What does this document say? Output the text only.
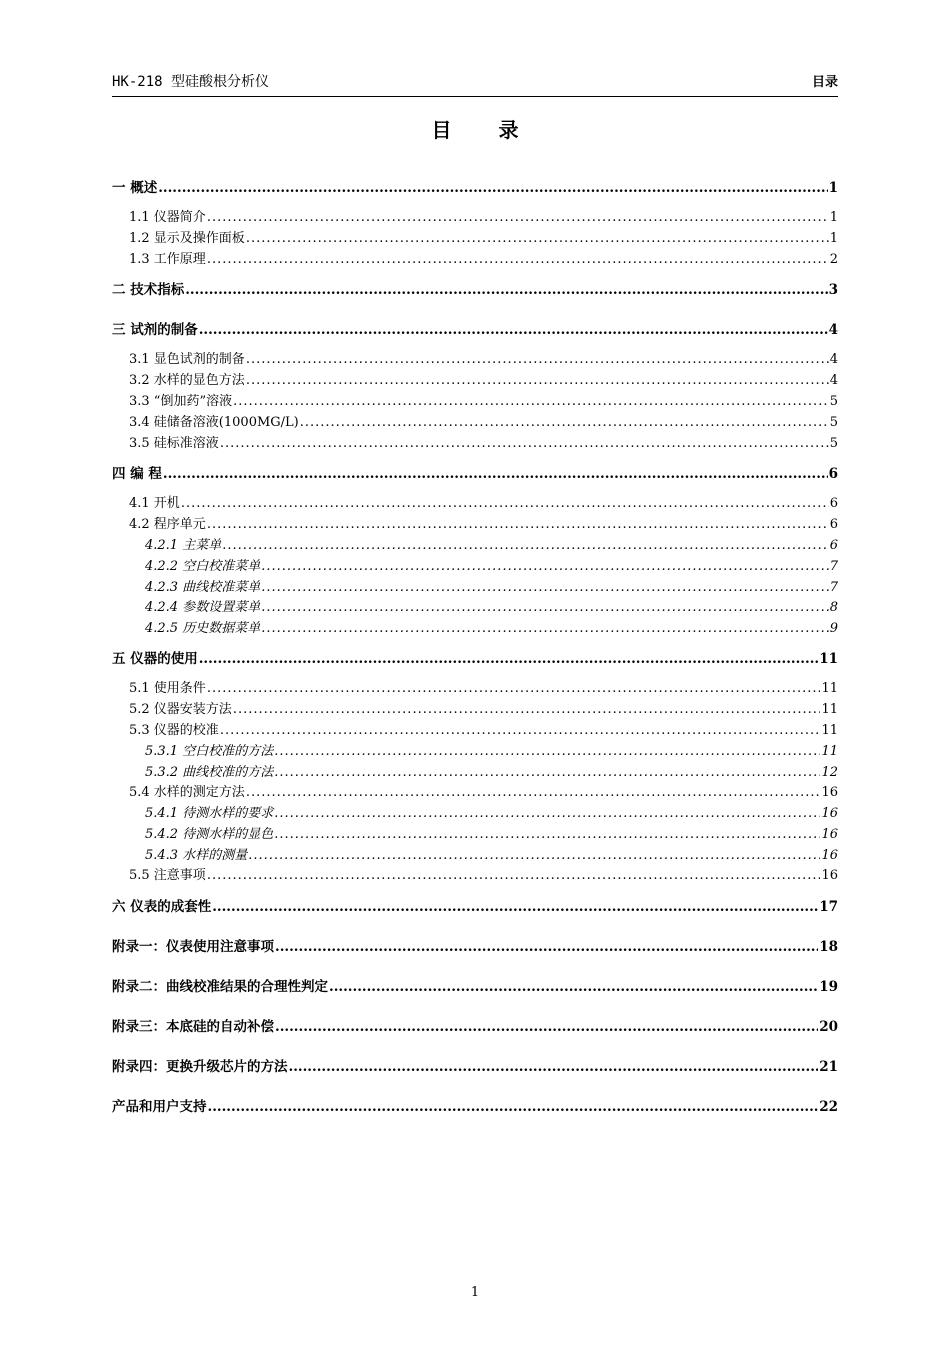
HK-218 型硅酸根分析仪	目录
目 录
一 概述 .....	1
1.1 仪器简介 .....	1
1.2 显示及操作面板 .....	1
1.3 工作原理 .....	2
二 技术指标 .....	3
三 试剂的制备 .....	4
3.1 显色试剂的制备 .....	4
3.2 水样的显色方法 .....	4
3.3 “倒加药”溶液 .....	5
3.4 硅储备溶液(1000MG/L) .....	5
3.5 硅标准溶液 .....	5
四 编 程 .....	6
4.1 开机 .....	6
4.2 程序单元 .....	6
4.2.1 主菜单 .....	6
4.2.2 空白校准菜单 .....	7
4.2.3 曲线校准菜单 .....	7
4.2.4 参数设置菜单 .....	8
4.2.5 历史数据菜单 .....	9
五 仪器的使用 .....	11
5.1 使用条件 .....	11
5.2 仪器安装方法 .....	11
5.3 仪器的校准 .....	11
5.3.1 空白校准的方法 .....	11
5.3.2 曲线校准的方法 .....	12
5.4 水样的测定方法 .....	16
5.4.1 待测水样的要求 .....	16
5.4.2 待测水样的显色 .....	16
5.4.3 水样的测量 .....	16
5.5 注意事项 .....	16
六 仪表的成套性 .....	17
附录一：仪表使用注意事项 .....	18
附录二：曲线校准结果的合理性判定 .....	19
附录三：本底硅的自动补偿 .....	20
附录四：更换升级芯片的方法 .....	21
产品和用户支持 .....	22
1
